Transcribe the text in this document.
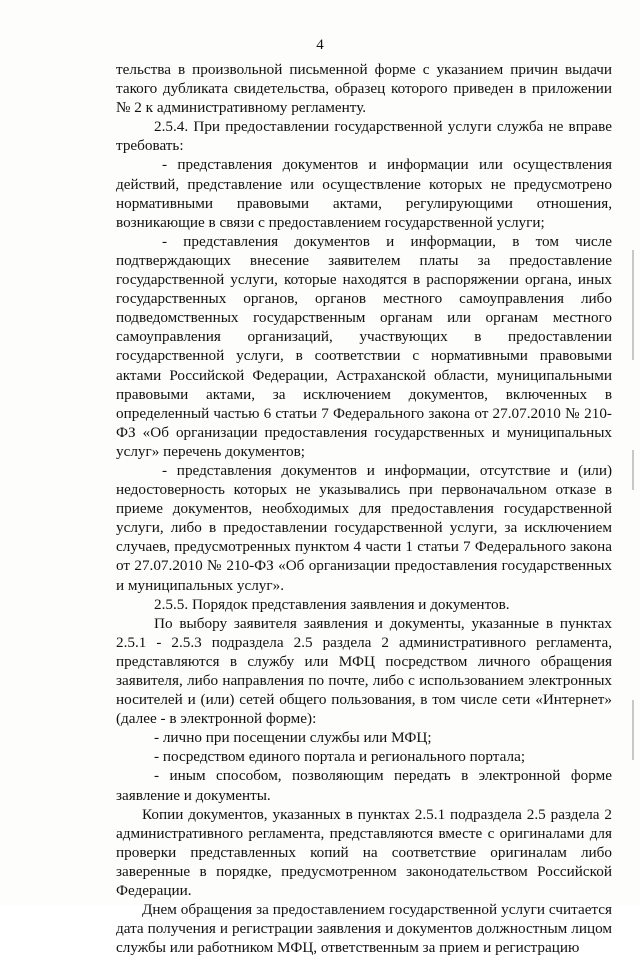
4

тельства в произвольной письменной форме с указанием причин выдачи такого дубликата свидетельства, образец которого приведен в приложении № 2 к административному регламенту.

2.5.4. При предоставлении государственной услуги служба не вправе требовать:

- представления документов и информации или осуществления действий, представление или осуществление которых не предусмотрено нормативными правовыми актами, регулирующими отношения, возникающие в связи с предоставлением государственной услуги;

- представления документов и информации, в том числе подтверждающих внесение заявителем платы за предоставление государственной услуги, которые находятся в распоряжении органа, иных государственных органов, органов местного самоуправления либо подведомственных государственным органам или органам местного самоуправления организаций, участвующих в предоставлении государственной услуги, в соответствии с нормативными правовыми актами Российской Федерации, Астраханской области, муниципальными правовыми актами, за исключением документов, включенных в определенный частью 6 статьи 7 Федерального закона от 27.07.2010 № 210-ФЗ «Об организации предоставления государственных и муниципальных услуг» перечень документов;

- представления документов и информации, отсутствие и (или) недостоверность которых не указывались при первоначальном отказе в приеме документов, необходимых для предоставления государственной услуги, либо в предоставлении государственной услуги, за исключением случаев, предусмотренных пунктом 4 части 1 статьи 7 Федерального закона от 27.07.2010 № 210-ФЗ «Об организации предоставления государственных и муниципальных услуг».

2.5.5. Порядок представления заявления и документов.

По выбору заявителя заявления и документы, указанные в пунктах 2.5.1 - 2.5.3 подраздела 2.5 раздела 2 административного регламента, представляются в службу или МФЦ посредством личного обращения заявителя, либо направления по почте, либо с использованием электронных носителей и (или) сетей общего пользования, в том числе сети «Интернет» (далее - в электронной форме):

- лично при посещении службы или МФЦ;

- посредством единого портала и регионального портала;

- иным способом, позволяющим передать в электронной форме заявление и документы.

Копии документов, указанных в пунктах 2.5.1 подраздела 2.5 раздела 2 административного регламента, представляются вместе с оригиналами для проверки представленных копий на соответствие оригиналам либо заверенные в порядке, предусмотренном законодательством Российской Федерации.

Днем обращения за предоставлением государственной услуги считается дата получения и регистрации заявления и документов должностным лицом службы или работником МФЦ, ответственным за прием и регистрацию
